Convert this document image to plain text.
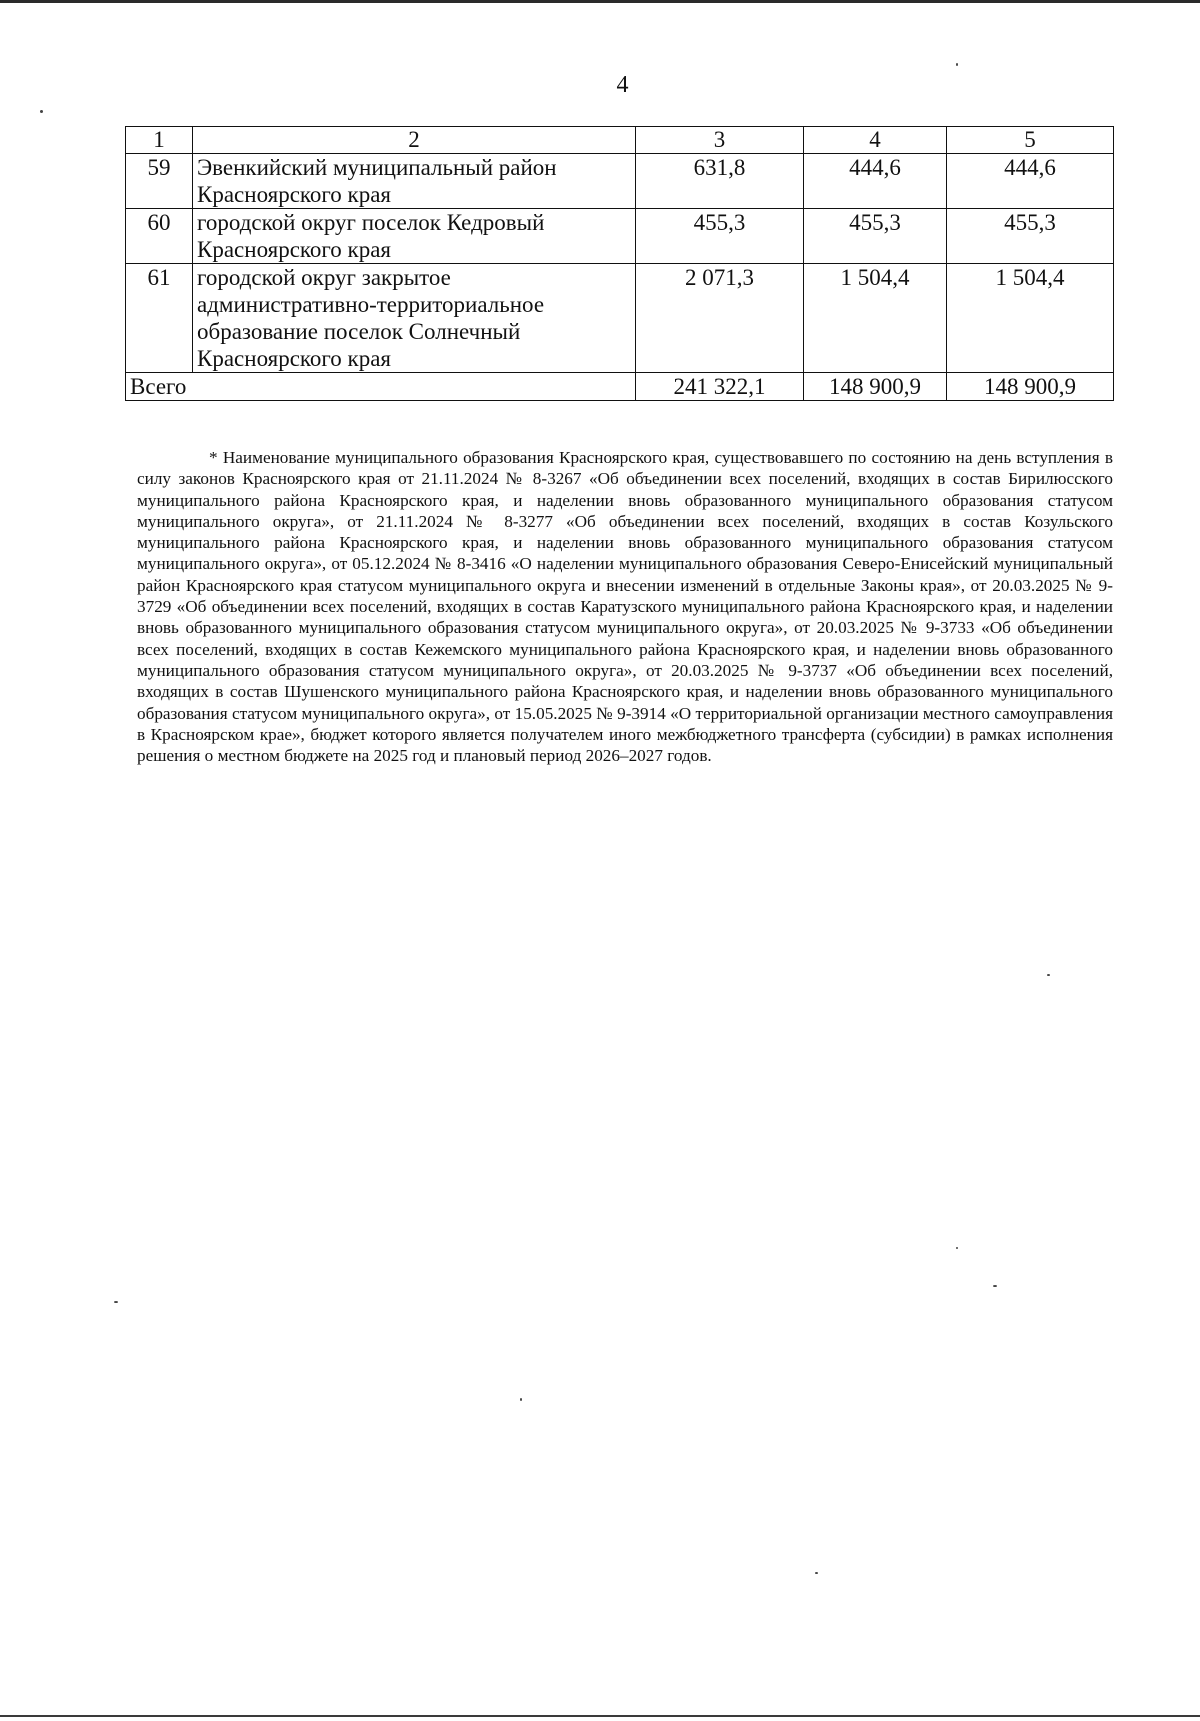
4
1	2	3	4	5
59	Эвенкийский муниципальный район Красноярского края	631,8	444,6	444,6
60	городской округ поселок Кедровый Красноярского края	455,3	455,3	455,3
61	городской округ закрытое административно-территориальное образование поселок Солнечный Красноярского края	2 071,3	1 504,4	1 504,4
Всего		241 322,1	148 900,9	148 900,9

* Наименование муниципального образования Красноярского края, существовавшего по состоянию на день вступления в силу законов Красноярского края от 21.11.2024 № 8-3267 «Об объединении всех поселений, входящих в состав Бирилюсского муниципального района Красноярского края, и наделении вновь образованного муниципального образования статусом муниципального округа», от 21.11.2024 № 8-3277 «Об объединении всех поселений, входящих в состав Козульского муниципального района Красноярского края, и наделении вновь образованного муниципального образования статусом муниципального округа», от 05.12.2024 № 8-3416 «О наделении муниципального образования Северо-Енисейский муниципальный район Красноярского края статусом муниципального округа и внесении изменений в отдельные Законы края», от 20.03.2025 № 9-3729 «Об объединении всех поселений, входящих в состав Каратузского муниципального района Красноярского края, и наделении вновь образованного муниципального образования статусом муниципального округа», от 20.03.2025 № 9-3733 «Об объединении всех поселений, входящих в состав Кежемского муниципального района Красноярского края, и наделении вновь образованного муниципального образования статусом муниципального округа», от 20.03.2025 № 9-3737 «Об объединении всех поселений, входящих в состав Шушенского муниципального района Красноярского края, и наделении вновь образованного муниципального образования статусом муниципального округа», от 15.05.2025 № 9-3914 «О территориальной организации местного самоуправления в Красноярском крае», бюджет которого является получателем иного межбюджетного трансферта (субсидии) в рамках исполнения решения о местном бюджете на 2025 год и плановый период 2026–2027 годов.
